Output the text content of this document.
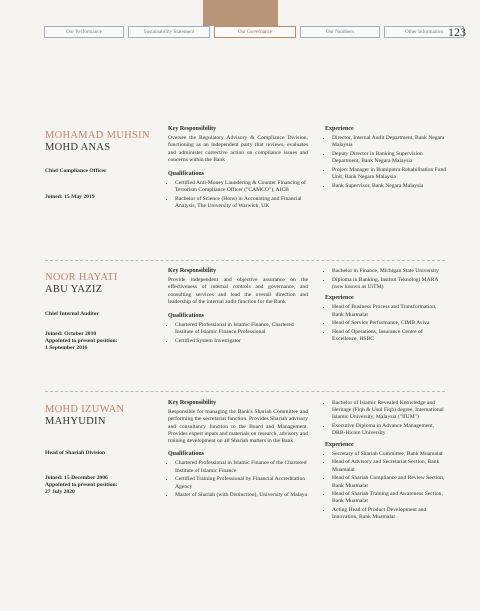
Our Performance	Sustainability Statement	Our Governance	Our Numbers	Other Information 123
MOHAMAD MUHSIN
MOHD ANAS
Chief Compliance Officer
Joined: 15 May 2019
Key Responsibility

Oversee the Regulatory Advisory & Compliance Division, functioning as an independent party that reviews, evaluates and administer corrective action on compliance issues and concerns within the Bank

Qualifications
• Certified Anti-Money Laundering & Counter Financing of Terrorism Compliance Officer ("CAMCO"), AICB
• Bachelor of Science (Hons) in Accounting and Financial Analysis, The University of Warwick, UK
Experience
• Director, Internal Audit Department, Bank Negara Malaysia
• Deputy Director in Banking Supervision Department, Bank Negara Malaysia
• Project Manager in Bumiputra Rehabilitation Fund Unit, Bank Negara Malaysia
• Bank Supervisor, Bank Negara Malaysia
NOOR HAYATI
ABU YAZIZ
Chief Internal Auditor
Joined: October 2010
Appointed to present position:
1 September 2016
Key Responsibility

Provide independent and objective assurance on the effectiveness of internal controls and governance, and consulting services and lead the overall direction and leadership of the internal audit function for the Bank

Qualifications
• Chartered Professional in Islamic Finance, Chartered Institute of Islamic Finance Professional
• Certified System Investigator
• Bachelor in Finance, Michigan State University
• Diploma in Banking, Institut Teknologi MARA (now known as UiTM)
Experience
• Head of Business Process and Transformation, Bank Muamalat
• Head of Service Performance, CIMB Aviva
• Head of Operations, Insurance Centre of Excellence, HSBC
MOHD IZUWAN
MAHYUDIN
Head of Shariah Division
Joined: 15 December 2006
Appointed to present position:
27 July 2020
Key Responsibility

Responsible for managing the Bank's Shariah Committee and performing the secretariat function. Provides Shariah advisory and consultancy function to the Board and Management. Provides expert inputs and materials on research, advisory and training development on all Shariah matters in the Bank

Qualifications
• Chartered Professional in Islamic Finance of the Chartered Institute of Islamic Finance
• Certified Training Professional by Financial Accreditation Agency
• Master of Shariah (with Distinction), University of Malaya
• Bachelor of Islamic Revealed Knowledge and Heritage (Fiqh & Usul Fiqh) degree, International Islamic University, Malaysia ("IIUM")
• Executive Diploma in Advance Management, DRB-Hicom University
Experience
• Secretary of Shariah Committee, Bank Muamalat
• Head of Advisory and Secretariat Section, Bank Muamalat
• Head of Shariah Compliance and Review Section, Bank Muamalat
• Head of Shariah Training and Awareness Section, Bank Muamalat
• Acting Head of Product Development and Innovation, Bank Muamalat
